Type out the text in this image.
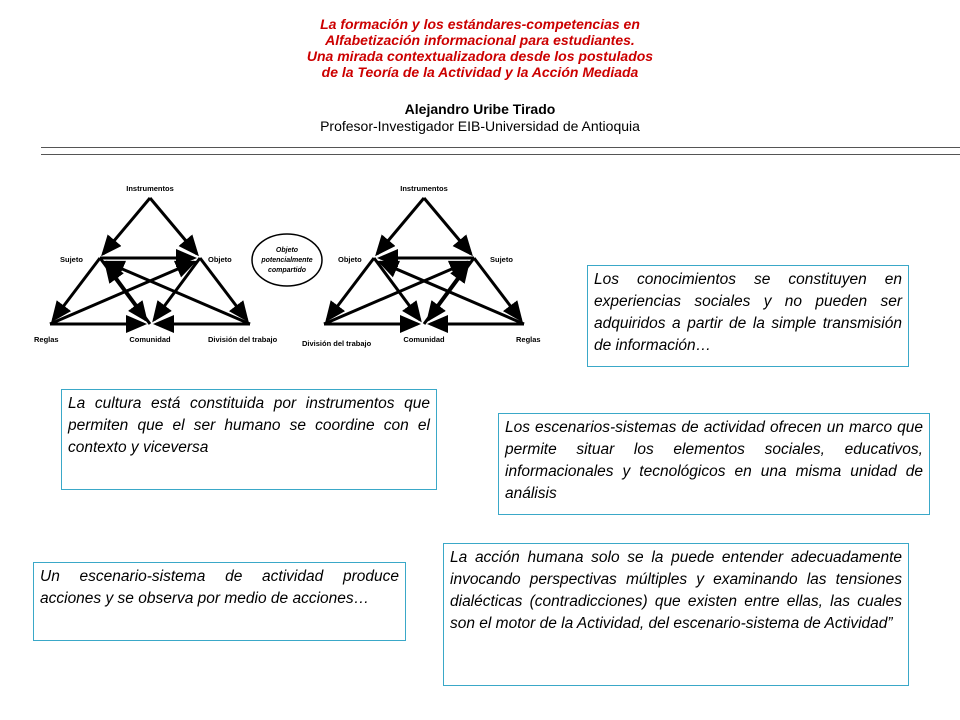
La formación y los estándares-competencias en
Alfabetización informacional para estudiantes.
Una mirada contextualizadora desde los postulados
de la Teoría de la Actividad y la Acción Mediada
Alejandro Uribe Tirado
Profesor-Investigador EIB-Universidad de Antioquia
Objeto
potencialmente
compartido
Instrumentos
Sujeto	Objeto
Reglas	Comunidad	División del trabajo
Instrumentos
Objeto	Sujeto
División del trabajo	Comunidad	Reglas

Los conocimientos se constituyen en experiencias sociales y no pueden ser adquiridos a partir de la simple transmisión de información…

La cultura está constituida por instrumentos que permiten que el ser humano se coordine con el contexto y viceversa

Los escenarios-sistemas de actividad ofrecen un marco que permite situar los elementos sociales, educativos, informacionales y tecnológicos en una misma unidad de análisis

Un escenario-sistema de actividad produce acciones y se observa por medio de acciones…

La acción humana solo se la puede entender adecuadamente invocando perspectivas múltiples y examinando las tensiones dialécticas (contradicciones) que existen entre ellas, las cuales son el motor de la Actividad, del escenario-sistema de Actividad”
